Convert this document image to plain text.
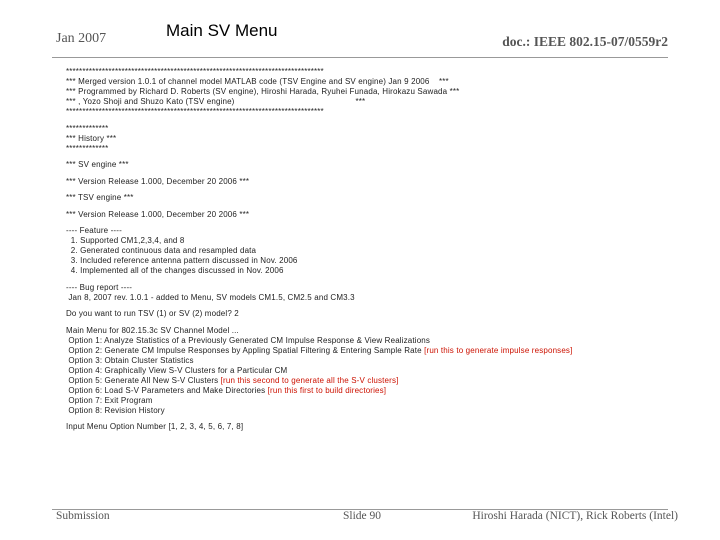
Jan 2007	Main SV Menu
doc.: IEEE 802.15-07/0559r2
*******************************************************************************
*** Merged version 1.0.1 of channel model MATLAB code (TSV Engine and SV engine) Jan 9 2006    ***
*** Programmed by Richard D. Roberts (SV engine), Hiroshi Harada, Ryuhei Funada, Hirokazu Sawada ***
*** , Yozo Shoji and Shuzo Kato (TSV engine)                                                   ***
*******************************************************************************
*************
*** History ***
*************
*** SV engine ***
*** Version Release 1.000, December 20 2006 ***
*** TSV engine ***
*** Version Release 1.000, December 20 2006 ***
---- Feature ----
1. Supported CM1,2,3,4, and 8
2. Generated continuous data and resampled data
3. Included reference antenna pattern discussed in Nov. 2006
4. Implemented all of the changes discussed in Nov. 2006
---- Bug report ----
Jan 8, 2007 rev. 1.0.1 - added to Menu, SV models CM1.5, CM2.5 and CM3.3
Do you want to run TSV (1) or SV (2) model? 2
Main Menu for 802.15.3c SV Channel Model ...
Option 1: Analyze Statistics of a Previously Generated CM Impulse Response & View Realizations
Option 2: Generate CM Impulse Responses by Appling Spatial Filtering & Entering Sample Rate [run this to generate impulse responses]
Option 3: Obtain Cluster Statistics
Option 4: Graphically View S-V Clusters for a Particular CM
Option 5: Generate All New S-V Clusters [run this second to generate all the S-V clusters]
Option 6: Load S-V Parameters and Make Directories [run this first to build directories]
Option 7: Exit Program
Option 8: Revision History
Input Menu Option Number [1, 2, 3, 4, 5, 6, 7, 8]
Submission	Slide 90	Hiroshi Harada (NICT), Rick Roberts (Intel)
